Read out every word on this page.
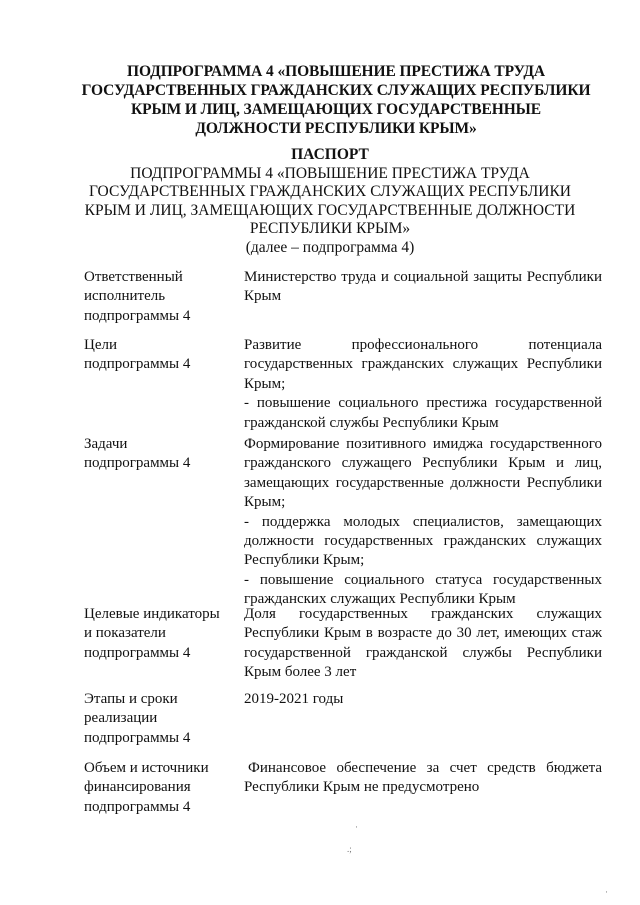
ПОДПРОГРАММА 4 «ПОВЫШЕНИЕ ПРЕСТИЖА ТРУДА
ГОСУДАРСТВЕННЫХ ГРАЖДАНСКИХ СЛУЖАЩИХ РЕСПУБЛИКИ
КРЫМ И ЛИЦ, ЗАМЕЩАЮЩИХ ГОСУДАРСТВЕННЫЕ
ДОЛЖНОСТИ РЕСПУБЛИКИ КРЫМ»
ПАСПОРТ
ПОДПРОГРАММЫ 4 «ПОВЫШЕНИЕ ПРЕСТИЖА ТРУДА
ГОСУДАРСТВЕННЫХ ГРАЖДАНСКИХ СЛУЖАЩИХ РЕСПУБЛИКИ
КРЫМ И ЛИЦ, ЗАМЕЩАЮЩИХ ГОСУДАРСТВЕННЫЕ ДОЛЖНОСТИ
РЕСПУБЛИКИ КРЫМ»
(далее – подпрограмма 4)
Ответственный
исполнитель
подпрограммы 4

Министерство труда и социальной защиты Республики Крым

Цели
подпрограммы 4

Развитие профессионального потенциала государственных гражданских служащих Республики Крым;

- повышение социального престижа государственной гражданской службы Республики Крым

Задачи
подпрограммы 4

Формирование позитивного имиджа государственного гражданского служащего Республики Крым и лиц, замещающих государственные должности Республики Крым;

- поддержка молодых специалистов, замещающих должности государственных гражданских служащих Республики Крым;

- повышение социального статуса государственных гражданских служащих Республики Крым

Целевые индикаторы
и показатели
подпрограммы 4

Доля государственных гражданских служащих Республики Крым в возрасте до 30 лет, имеющих стаж государственной гражданской службы Республики Крым более 3 лет

Этапы и сроки
реализации
подпрограммы 4

2019-2021 годы

Объем и источники
финансирования
подпрограммы 4

Финансовое обеспечение за счет средств бюджета Республики Крым не предусмотрено

·
.;
·
